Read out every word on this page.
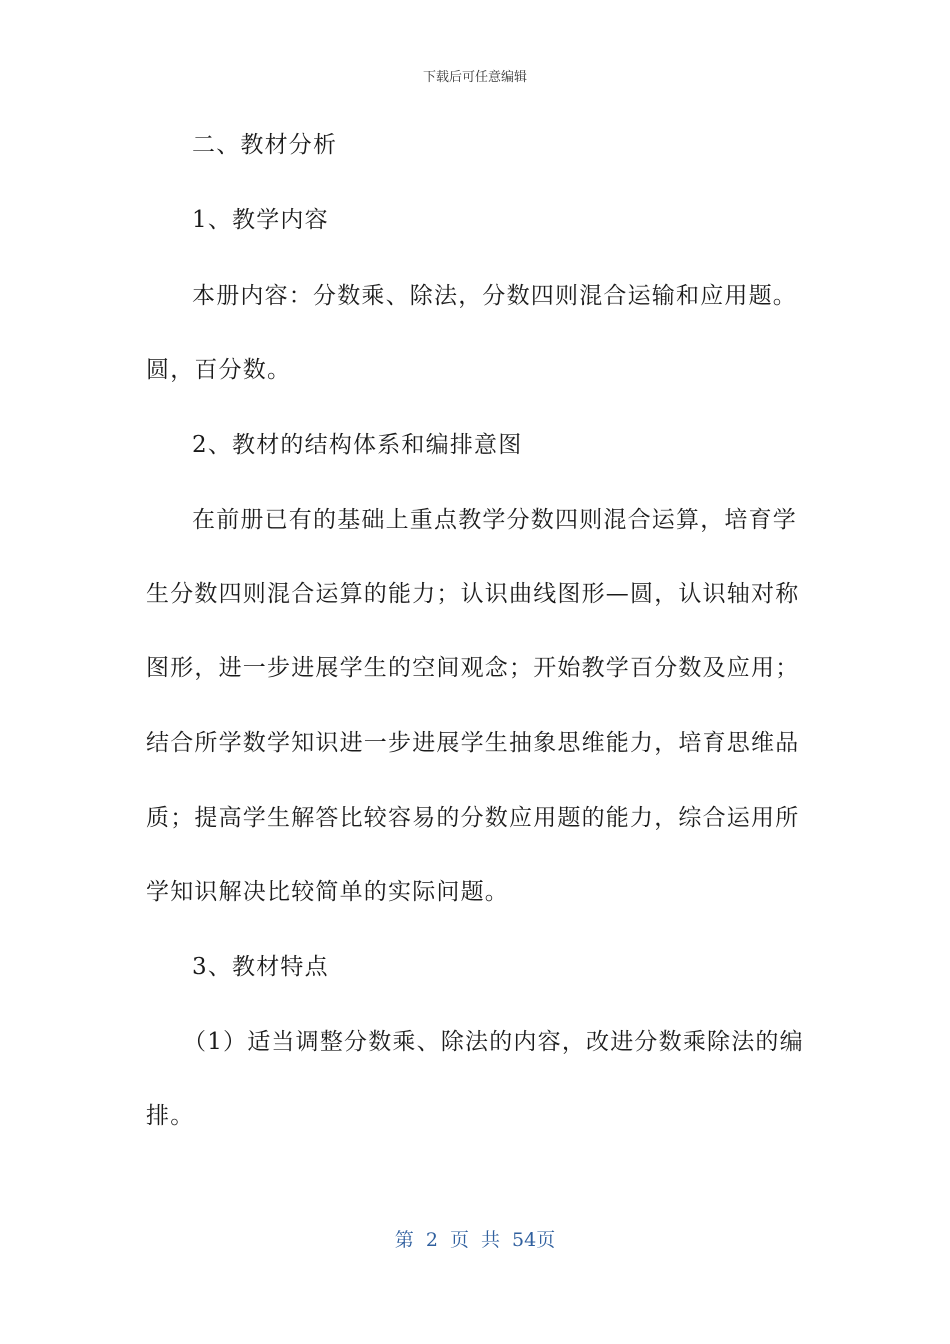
下载后可任意编辑
二、教材分析
1、教学内容
本册内容：分数乘、除法，分数四则混合运输和应用题。
圆，百分数。
2、教材的结构体系和编排意图
在前册已有的基础上重点教学分数四则混合运算，培育学
生分数四则混合运算的能力；认识曲线图形—圆，认识轴对称
图形，进一步进展学生的空间观念；开始教学百分数及应用；
结合所学数学知识进一步进展学生抽象思维能力，培育思维品
质；提高学生解答比较容易的分数应用题的能力，综合运用所
学知识解决比较简单的实际问题。
3、教材特点
（1）适当调整分数乘、除法的内容，改进分数乘除法的编
排。
第 2 页 共 54页
